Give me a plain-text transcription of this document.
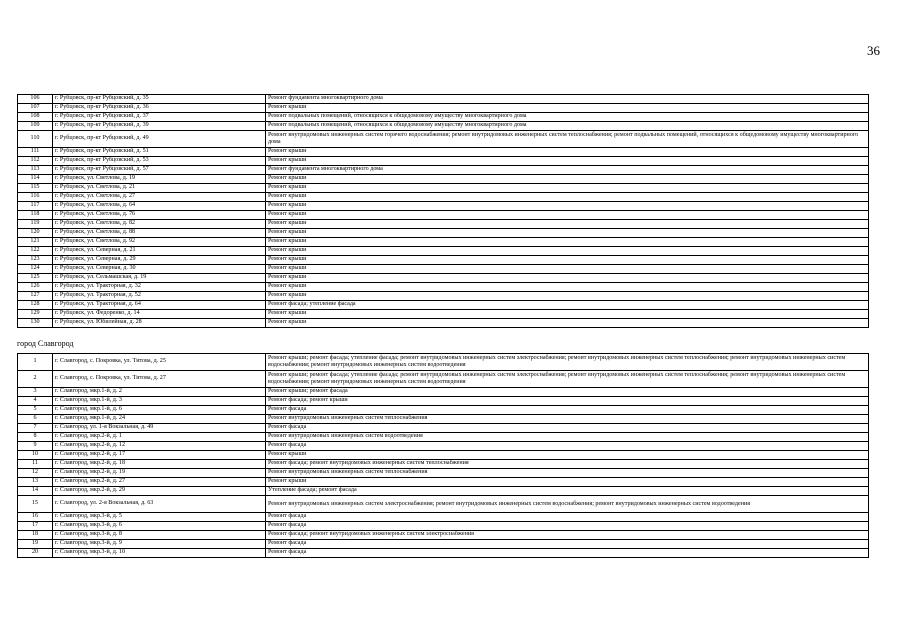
36
106	г. Рубцовск, пр-кт Рубцовский, д. 35	Ремонт фундамента многоквартирного дома
107	г. Рубцовск, пр-кт Рубцовский, д. 36	Ремонт крыши
108	г. Рубцовск, пр-кт Рубцовский, д. 37	Ремонт подвальных помещений, относящихся к общедомовому имуществу многоквартирного дома
109	г. Рубцовск, пр-кт Рубцовский, д. 39	Ремонт подвальных помещений, относящихся к общедомовому имуществу многоквартирного дома
110	г. Рубцовск, пр-кт Рубцовский, д. 49	Ремонт внутридомовых инженерных систем горячего водоснабжения; ремонт внутридомовых инженерных систем теплоснабжения; ремонт подвальных помещений, относящихся к общедомовому имуществу многоквартирного дома
111	г. Рубцовск, пр-кт Рубцовский, д. 51	Ремонт крыши
112	г. Рубцовск, пр-кт Рубцовский, д. 53	Ремонт крыши
113	г. Рубцовск, пр-кт Рубцовский, д. 57	Ремонт фундамента многоквартирного дома
114	г. Рубцовск, ул. Светлова, д. 19	Ремонт крыши
115	г. Рубцовск, ул. Светлова, д. 21	Ремонт крыши
116	г. Рубцовск, ул. Светлова, д. 27	Ремонт крыши
117	г. Рубцовск, ул. Светлова, д. 64	Ремонт крыши
118	г. Рубцовск, ул. Светлова, д. 76	Ремонт крыши
119	г. Рубцовск, ул. Светлова, д. 82	Ремонт крыши
120	г. Рубцовск, ул. Светлова, д. 88	Ремонт крыши
121	г. Рубцовск, ул. Светлова, д. 92	Ремонт крыши
122	г. Рубцовск, ул. Северная, д. 21	Ремонт крыши
123	г. Рубцовск, ул. Северная, д. 29	Ремонт крыши
124	г. Рубцовск, ул. Северная, д. 30	Ремонт крыши
125	г. Рубцовск, ул. Сельмашская, д. 19	Ремонт крыши
126	г. Рубцовск, ул. Тракторная, д. 32	Ремонт крыши
127	г. Рубцовск, ул. Тракторная, д. 52	Ремонт крыши
128	г. Рубцовск, ул. Тракторная, д. 64	Ремонт фасада; утепление фасада
129	г. Рубцовск, ул. Федоренко, д. 14	Ремонт крыши
130	г. Рубцовск, ул. Юбилейная, д. 28	Ремонт крыши
город Славгород
1	г. Славгород, с. Покровка, ул. Титова, д. 25	Ремонт крыши; ремонт фасада; утепление фасада; ремонт внутридомовых инженерных систем электроснабжения; ремонт внутридомовых инженерных систем теплоснабжения; ремонт внутридомовых инженерных систем водоснабжения; ремонт внутридомовых инженерных систем водоотведения
2	г. Славгород, с. Покровка, ул. Титова, д. 27	Ремонт крыши; ремонт фасада; утепление фасада; ремонт внутридомовых инженерных систем электроснабжения; ремонт внутридомовых инженерных систем теплоснабжения; ремонт внутридомовых инженерных систем водоснабжения; ремонт внутридомовых инженерных систем водоотведения
3	г. Славгород, мкр.1-й, д. 2	Ремонт крыши; ремонт фасада
4	г. Славгород, мкр.1-й, д. 3	Ремонт фасада; ремонт крыши
5	г. Славгород, мкр.1-й, д. 6	Ремонт фасада
6	г. Славгород, мкр.1-й, д. 24	Ремонт внутридомовых инженерных систем теплоснабжения
7	г. Славгород, ул. 1-я Вокзальная, д. 49	Ремонт фасада
8	г. Славгород, мкр.2-й, д. 1	Ремонт внутридомовых инженерных систем водоотведения
9	г. Славгород, мкр.2-й, д. 12	Ремонт фасада
10	г. Славгород, мкр.2-й, д. 17	Ремонт крыши
11	г. Славгород, мкр.2-й, д. 18	Ремонт фасада; ремонт внутридомовых инженерных систем теплоснабжения
12	г. Славгород, мкр.2-й, д. 19	Ремонт внутридомовых инженерных систем теплоснабжения
13	г. Славгород, мкр.2-й, д. 27	Ремонт крыши
14	г. Славгород, мкр.2-й, д. 29	Утепление фасада; ремонт фасада
15	г. Славгород, ул. 2-я Вокзальная, д. 63	Ремонт внутридомовых инженерных систем электроснабжения; ремонт внутридомовых инженерных систем водоснабжения; ремонт внутридомовых инженерных систем водоотведения
16	г. Славгород, мкр.3-й, д. 5	Ремонт фасада
17	г. Славгород, мкр.3-й, д. 6	Ремонт фасада
18	г. Славгород, мкр.3-й, д. 8	Ремонт фасада; ремонт внутридомовых инженерных систем электроснабжения
19	г. Славгород, мкр.3-й, д. 9	Ремонт фасада
20	г. Славгород, мкр.3-й, д. 10	Ремонт фасада
